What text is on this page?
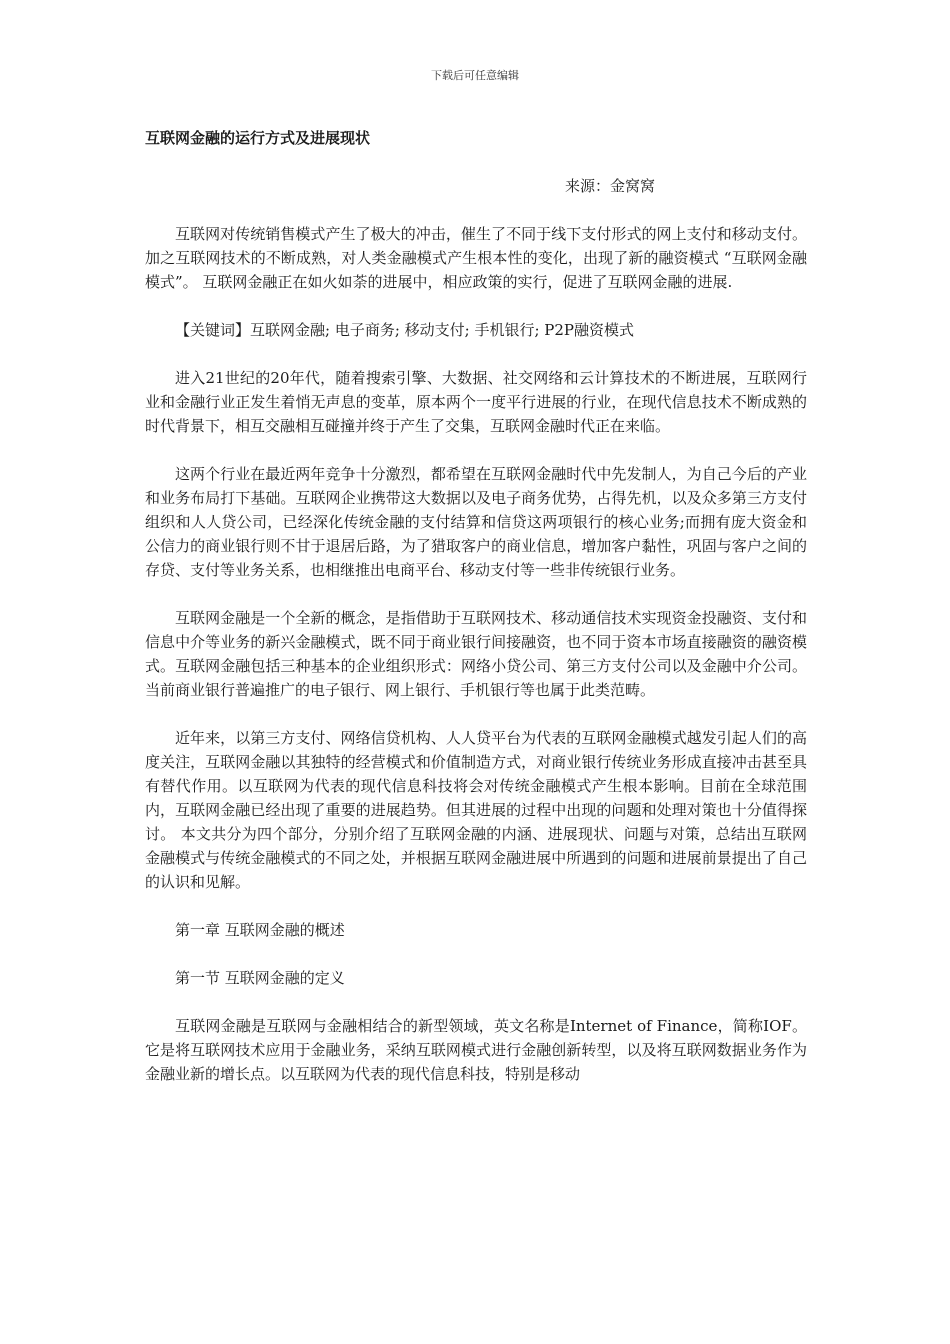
下载后可任意编辑
互联网金融的运行方式及进展现状
来源：金窝窝

互联网对传统销售模式产生了极大的冲击，催生了不同于线下支付形式的网上支付和移动支付。加之互联网技术的不断成熟，对人类金融模式产生根本性的变化，出现了新的融资模式 “互联网金融模式”。 互联网金融正在如火如荼的进展中，相应政策的实行，促进了互联网金融的进展.

【关键词】互联网金融; 电子商务; 移动支付; 手机银行; P2P融资模式

进入21世纪的20年代，随着搜索引擎、大数据、社交网络和云计算技术的不断进展，互联网行业和金融行业正发生着悄无声息的变革，原本两个一度平行进展的行业，在现代信息技术不断成熟的时代背景下，相互交融相互碰撞并终于产生了交集，互联网金融时代正在来临。

这两个行业在最近两年竞争十分激烈，都希望在互联网金融时代中先发制人，为自己今后的产业和业务布局打下基础。互联网企业携带这大数据以及电子商务优势，占得先机，以及众多第三方支付组织和人人贷公司，已经深化传统金融的支付结算和信贷这两项银行的核心业务;而拥有庞大资金和公信力的商业银行则不甘于退居后路，为了猎取客户的商业信息，增加客户黏性，巩固与客户之间的存贷、支付等业务关系，也相继推出电商平台、移动支付等一些非传统银行业务。

互联网金融是一个全新的概念，是指借助于互联网技术、移动通信技术实现资金投融资、支付和信息中介等业务的新兴金融模式，既不同于商业银行间接融资，也不同于资本市场直接融资的融资模式。互联网金融包括三种基本的企业组织形式：网络小贷公司、第三方支付公司以及金融中介公司。当前商业银行普遍推广的电子银行、网上银行、手机银行等也属于此类范畴。

近年来，以第三方支付、网络信贷机构、人人贷平台为代表的互联网金融模式越发引起人们的高度关注，互联网金融以其独特的经营模式和价值制造方式，对商业银行传统业务形成直接冲击甚至具有替代作用。以互联网为代表的现代信息科技将会对传统金融模式产生根本影响。目前在全球范围内，互联网金融已经出现了重要的进展趋势。但其进展的过程中出现的问题和处理对策也十分值得探讨。 本文共分为四个部分，分别介绍了互联网金融的内涵、进展现状、问题与对策，总结出互联网金融模式与传统金融模式的不同之处，并根据互联网金融进展中所遇到的问题和进展前景提出了自己的认识和见解。

第一章 互联网金融的概述

第一节 互联网金融的定义

互联网金融是互联网与金融相结合的新型领域，英文名称是Internet of Finance，简称IOF。它是将互联网技术应用于金融业务，采纳互联网模式进行金融创新转型，以及将互联网数据业务作为金融业新的增长点。以互联网为代表的现代信息科技，特别是移动
